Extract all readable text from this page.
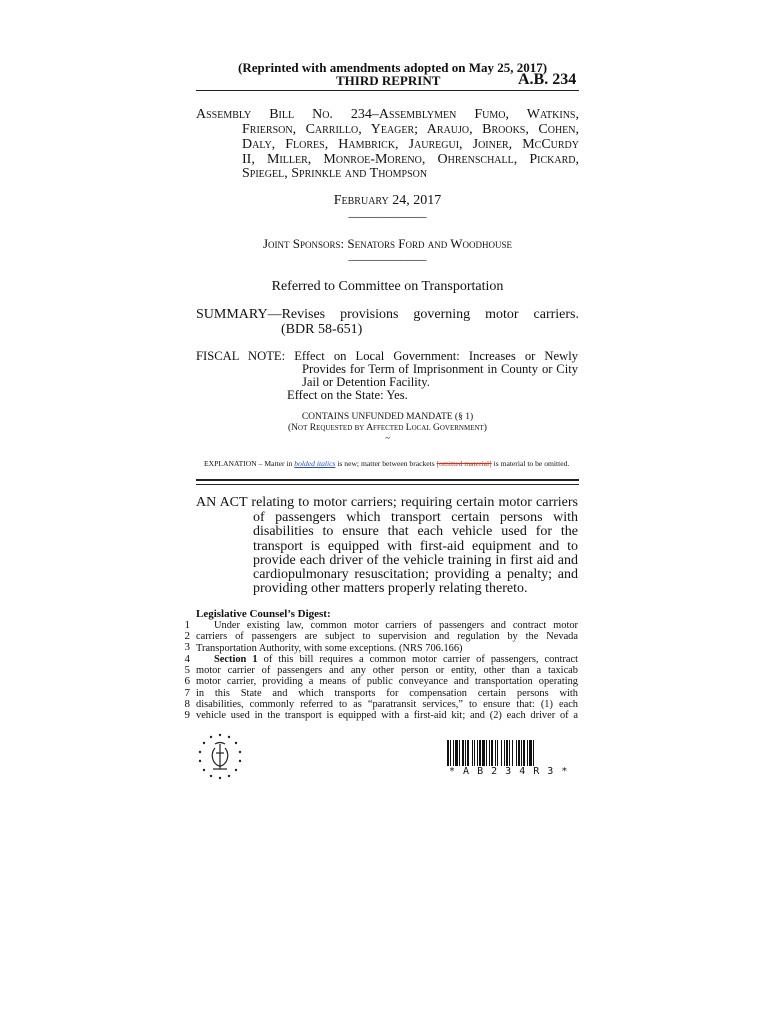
(Reprinted with amendments adopted on May 25, 2017)
THIRD REPRINT	A.B. 234
Assembly Bill No. 234–Assemblymen Fumo, Watkins,
Frierson, Carrillo, Yeager; Araujo, Brooks, Cohen,
Daly, Flores, Hambrick, Jauregui, Joiner, McCurdy
II, Miller, Monroe-Moreno, Ohrenschall, Pickard,
Spiegel, Sprinkle and Thompson
February 24, 2017
____________
Joint Sponsors: Senators Ford and Woodhouse
____________
Referred to Committee on Transportation
SUMMARY—Revises provisions governing motor carriers.
(BDR 58-651)
FISCAL NOTE: Effect on Local Government: Increases or Newly
Provides for Term of Imprisonment in County or City
Jail or Detention Facility.
Effect on the State: Yes.
CONTAINS UNFUNDED MANDATE (§ 1)
(Not Requested by Affected Local Government)
~
EXPLANATION – Matter in bolded italics is new; matter between brackets [omitted material] is material to be omitted.
AN ACT relating to motor carriers; requiring certain motor carriers
of passengers which transport certain persons with
disabilities to ensure that each vehicle used for the
transport is equipped with first-aid equipment and to
provide each driver of the vehicle training in first aid and
cardiopulmonary resuscitation; providing a penalty; and
providing other matters properly relating thereto.
Legislative Counsel’s Digest:
1
2
3
4
5
6
7
8
9
Under existing law, common motor carriers of passengers and contract motor
carriers of passengers are subject to supervision and regulation by the Nevada
Transportation Authority, with some exceptions. (NRS 706.166)
Section 1 of this bill requires a common motor carrier of passengers, contract
motor carrier of passengers and any other person or entity, other than a taxicab
motor carrier, providing a means of public conveyance and transportation operating
in this State and which transports for compensation certain persons with
disabilities, commonly referred to as “paratransit services,” to ensure that: (1) each
vehicle used in the transport is equipped with a first-aid kit; and (2) each driver of a
* A B 2 3 4 R 3 *
